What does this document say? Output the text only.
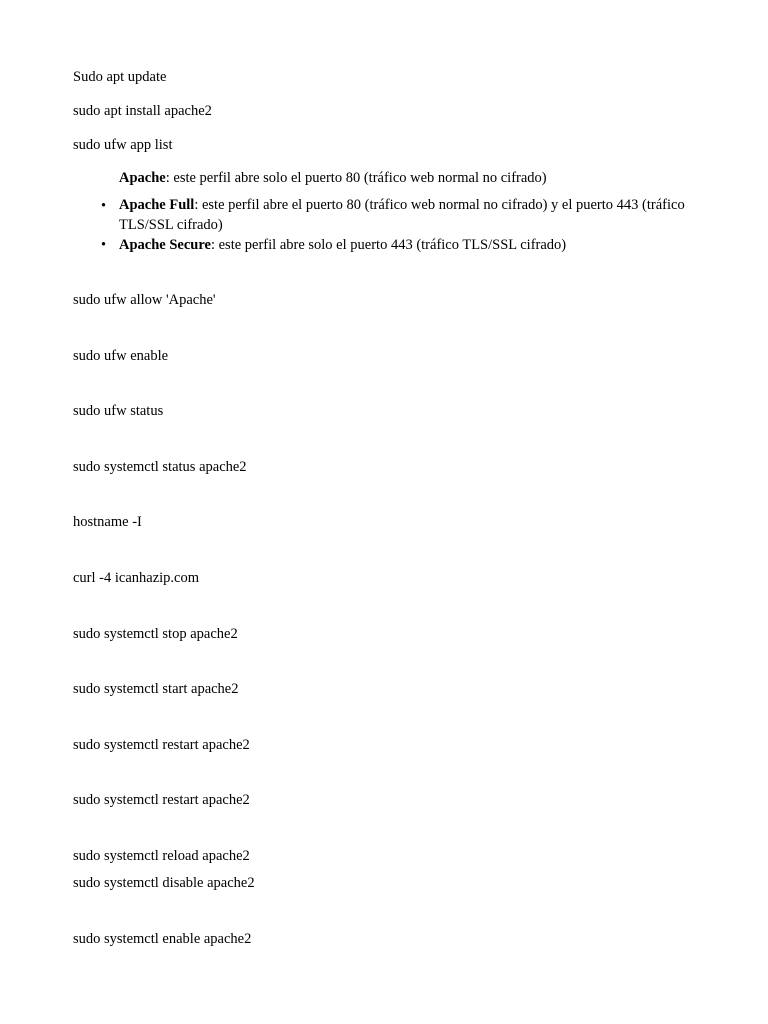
Sudo apt update
sudo apt install apache2
sudo ufw app list
Apache: este perfil abre solo el puerto 80 (tráfico web normal no cifrado)
• Apache Full: este perfil abre el puerto 80 (tráfico web normal no cifrado) y el puerto 443 (tráfico TLS/SSL cifrado)
• Apache Secure: este perfil abre solo el puerto 443 (tráfico TLS/SSL cifrado)
sudo ufw allow 'Apache'
sudo ufw enable
sudo ufw status
sudo systemctl status apache2
hostname -I
curl -4 icanhazip.com
sudo systemctl stop apache2
sudo systemctl start apache2
sudo systemctl restart apache2
sudo systemctl restart apache2
sudo systemctl reload apache2
sudo systemctl disable apache2
sudo systemctl enable apache2
